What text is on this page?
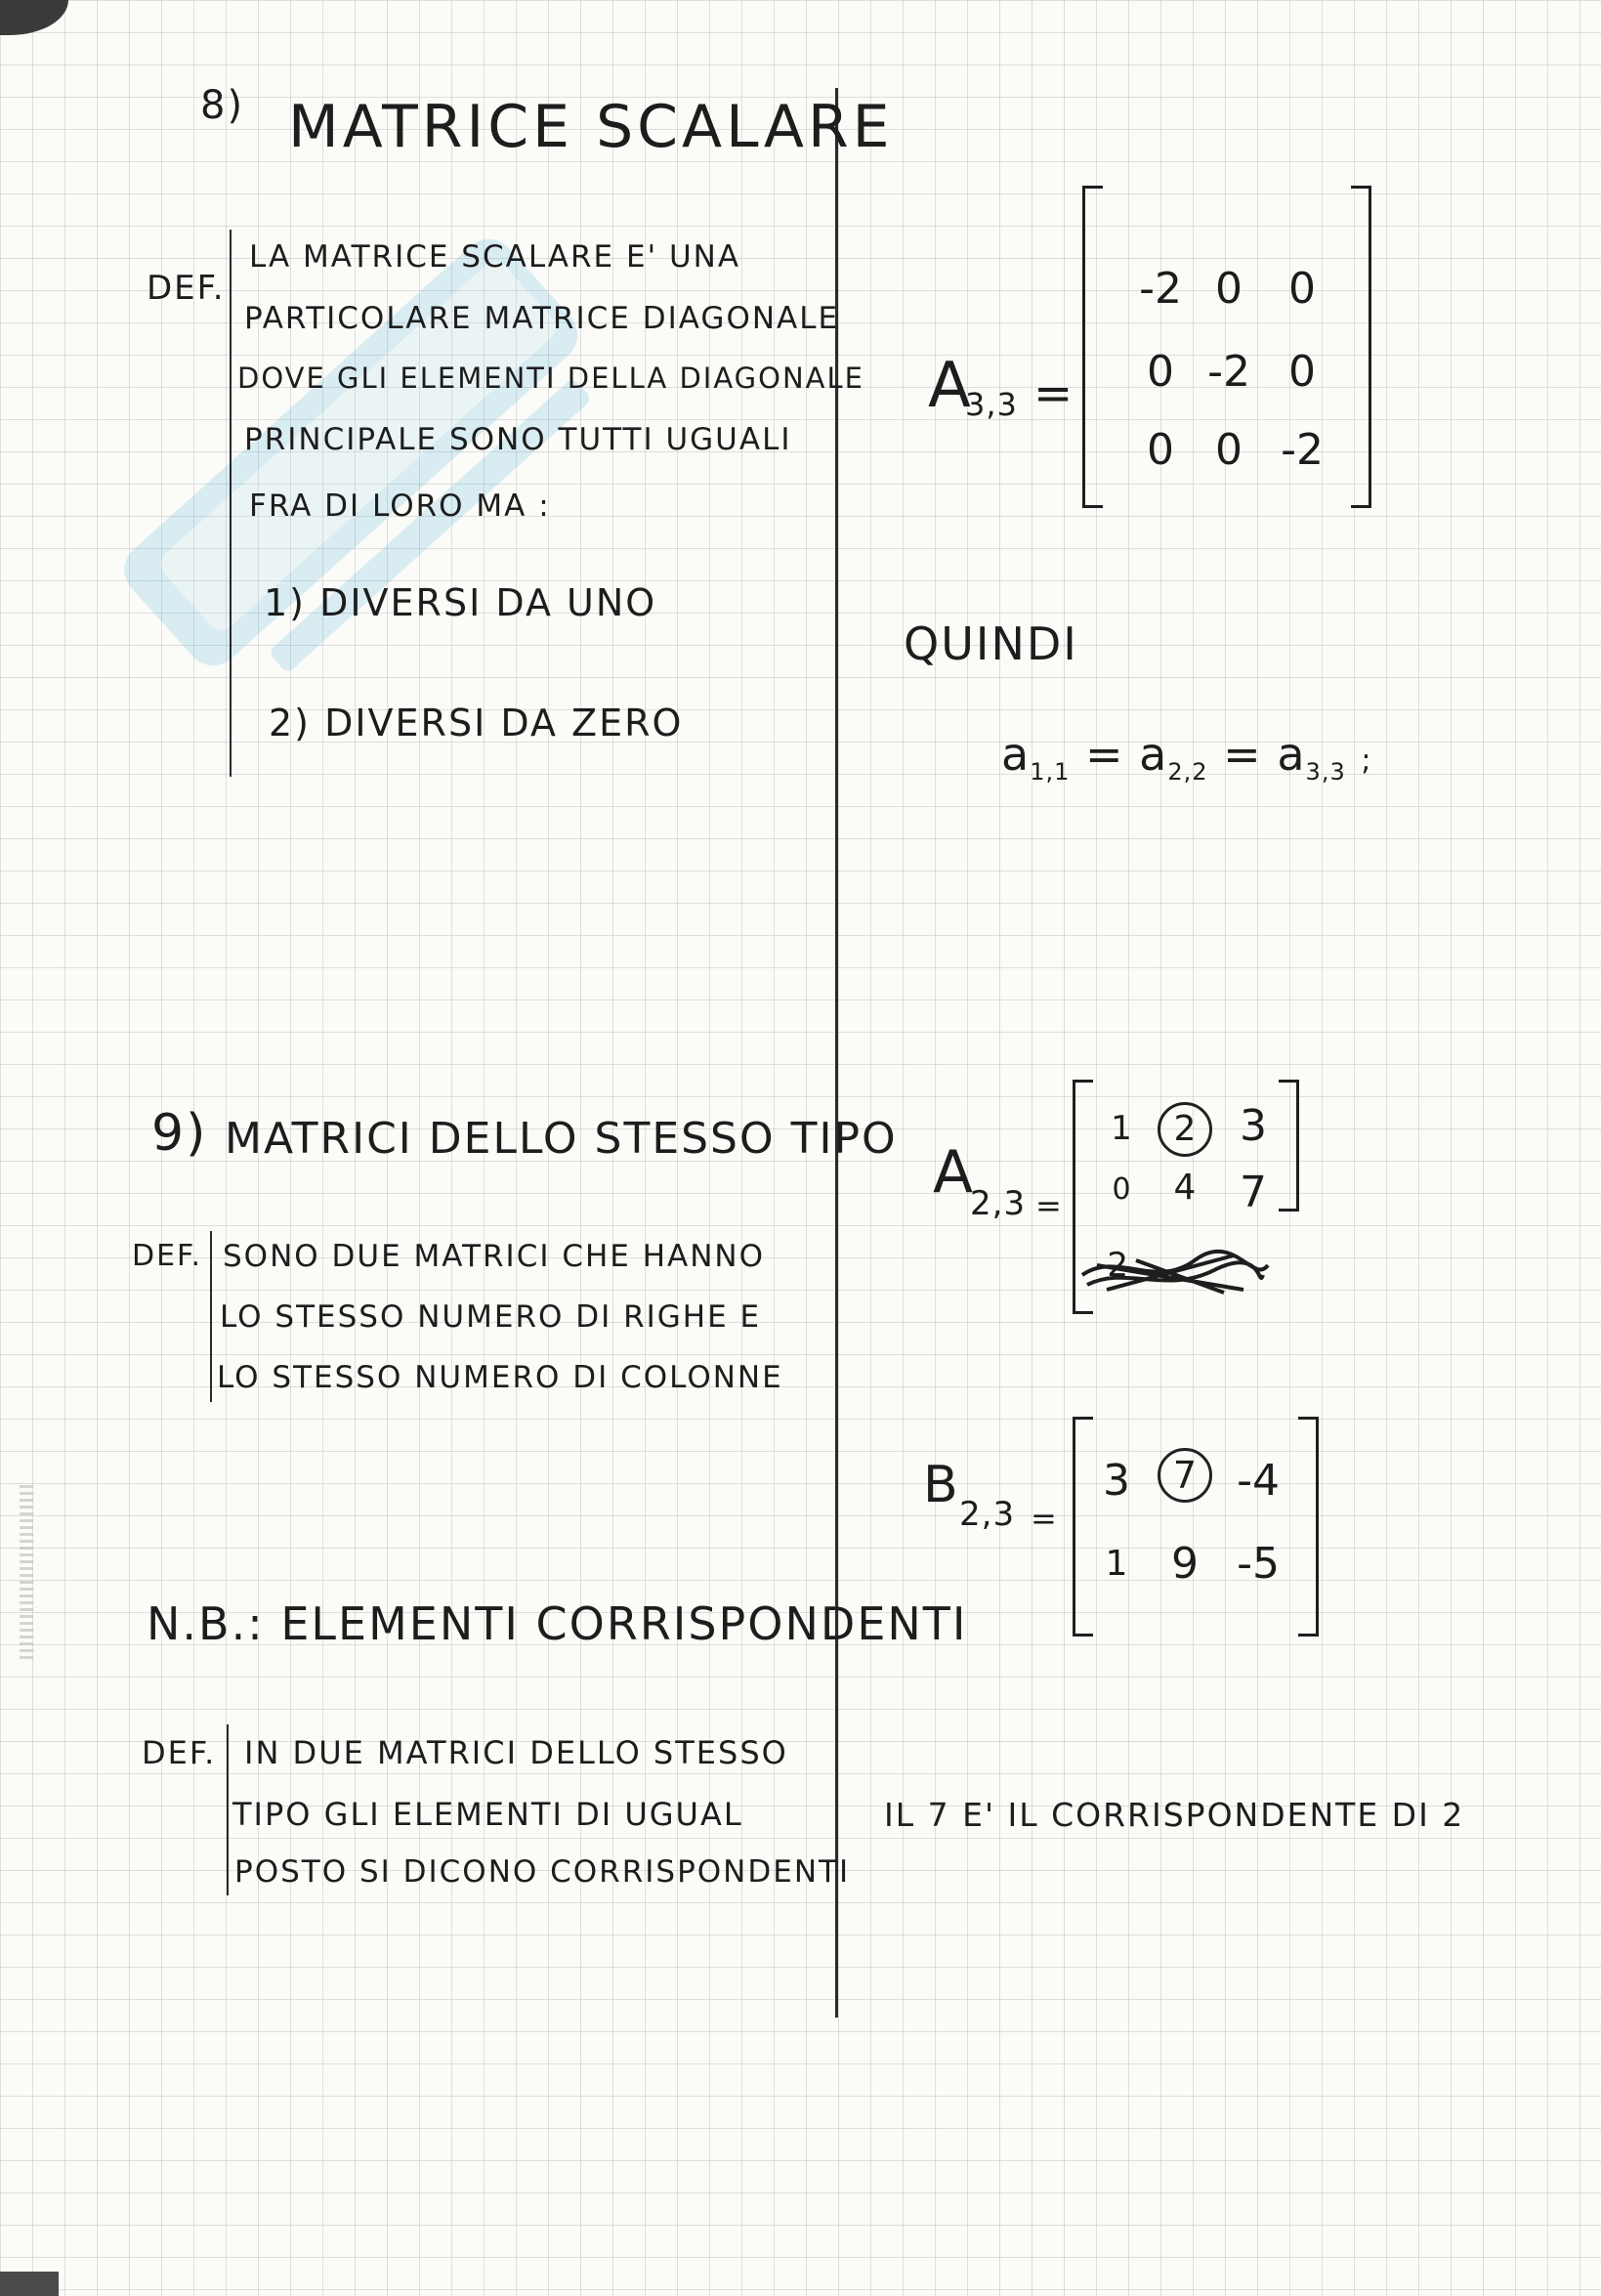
8) MATRICE SCALARE
DEF.
LA MATRICE SCALARE E' UNA
PARTICOLARE MATRICE DIAGONALE
DOVE GLI ELEMENTI DELLA DIAGONALE
PRINCIPALE SONO TUTTI UGUALI
FRA DI LORO MA :
1) DIVERSI DA UNO
2) DIVERSI DA ZERO
A
3,3 =
-2 0	0
0 -2 0
0 0 -2
QUINDI
$a_{1,1} = a_{2,2} = a_{3,3}$ ;
9) MATRICI DELLO STESSO TIPO
DEF. SONO DUE MATRICI CHE HANNO
LO STESSO NUMERO DI RIGHE E
LO STESSO NUMERO DI COLONNE
A
2,3 =
1	2	3
0	4	7
-2
B 2,3 =
3	7 -4
1	9 -5
N.B.: ELEMENTI CORRISPONDENTI
DEF. IN DUE MATRICI DELLO STESSO
TIPO GLI ELEMENTI DI UGUAL
POSTO SI DICONO CORRISPONDENTI
IL 7 E' IL CORRISPONDENTE DI 2
